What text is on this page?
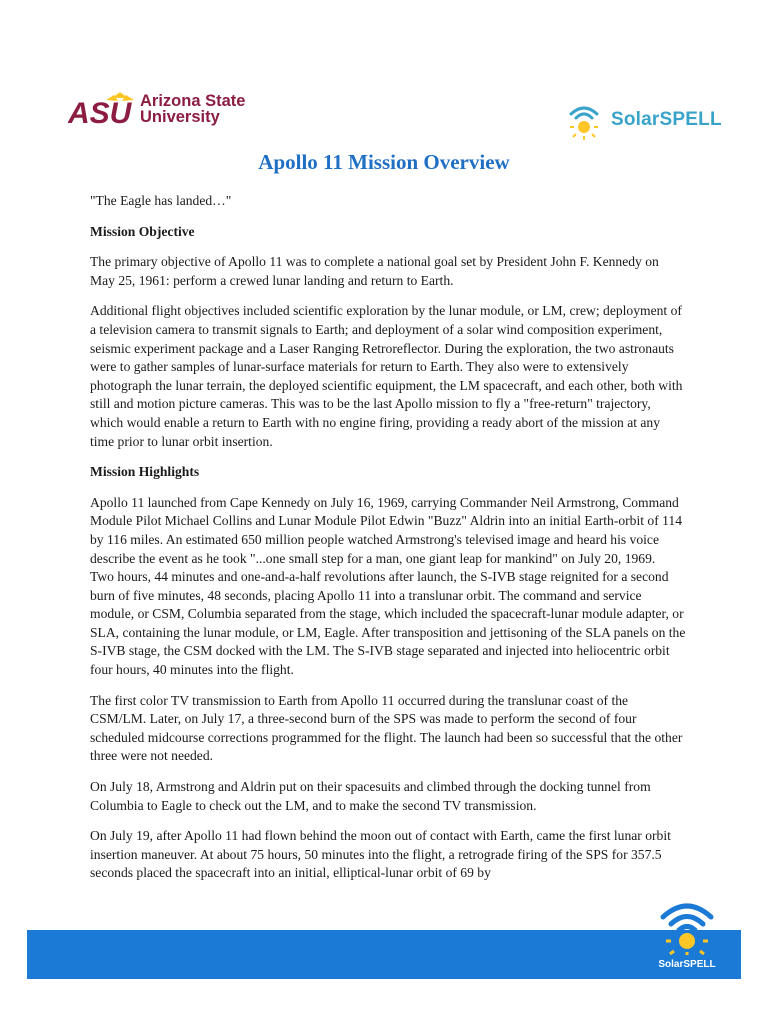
ASU Arizona State
University	SolarSPELL
Apollo 11 Mission Overview

"The Eagle has landed…"

Mission Objective

The primary objective of Apollo 11 was to complete a national goal set by President John F. Kennedy on May 25, 1961: perform a crewed lunar landing and return to Earth.

Additional flight objectives included scientific exploration by the lunar module, or LM, crew; deployment of a television camera to transmit signals to Earth; and deployment of a solar wind composition experiment, seismic experiment package and a Laser Ranging Retroreflector. During the exploration, the two astronauts were to gather samples of lunar-surface materials for return to Earth. They also were to extensively photograph the lunar terrain, the deployed scientific equipment, the LM spacecraft, and each other, both with still and motion picture cameras. This was to be the last Apollo mission to fly a "free-return" trajectory, which would enable a return to Earth with no engine firing, providing a ready abort of the mission at any time prior to lunar orbit insertion.

Mission Highlights

Apollo 11 launched from Cape Kennedy on July 16, 1969, carrying Commander Neil Armstrong, Command Module Pilot Michael Collins and Lunar Module Pilot Edwin "Buzz" Aldrin into an initial Earth-orbit of 114 by 116 miles. An estimated 650 million people watched Armstrong's televised image and heard his voice describe the event as he took "...one small step for a man, one giant leap for mankind" on July 20, 1969.

Two hours, 44 minutes and one-and-a-half revolutions after launch, the S-IVB stage reignited for a second burn of five minutes, 48 seconds, placing Apollo 11 into a translunar orbit. The command and service module, or CSM, Columbia separated from the stage, which included the spacecraft-lunar module adapter, or SLA, containing the lunar module, or LM, Eagle. After transposition and jettisoning of the SLA panels on the S-IVB stage, the CSM docked with the LM. The S-IVB stage separated and injected into heliocentric orbit four hours, 40 minutes into the flight.

The first color TV transmission to Earth from Apollo 11 occurred during the translunar coast of the CSM/LM. Later, on July 17, a three-second burn of the SPS was made to perform the second of four scheduled midcourse corrections programmed for the flight. The launch had been so successful that the other three were not needed.

On July 18, Armstrong and Aldrin put on their spacesuits and climbed through the docking tunnel from Columbia to Eagle to check out the LM, and to make the second TV transmission.

On July 19, after Apollo 11 had flown behind the moon out of contact with Earth, came the first lunar orbit insertion maneuver. At about 75 hours, 50 minutes into the flight, a retrograde firing of the SPS for 357.5 seconds placed the spacecraft into an initial, elliptical-lunar orbit of 69 by

SolarSPELL
